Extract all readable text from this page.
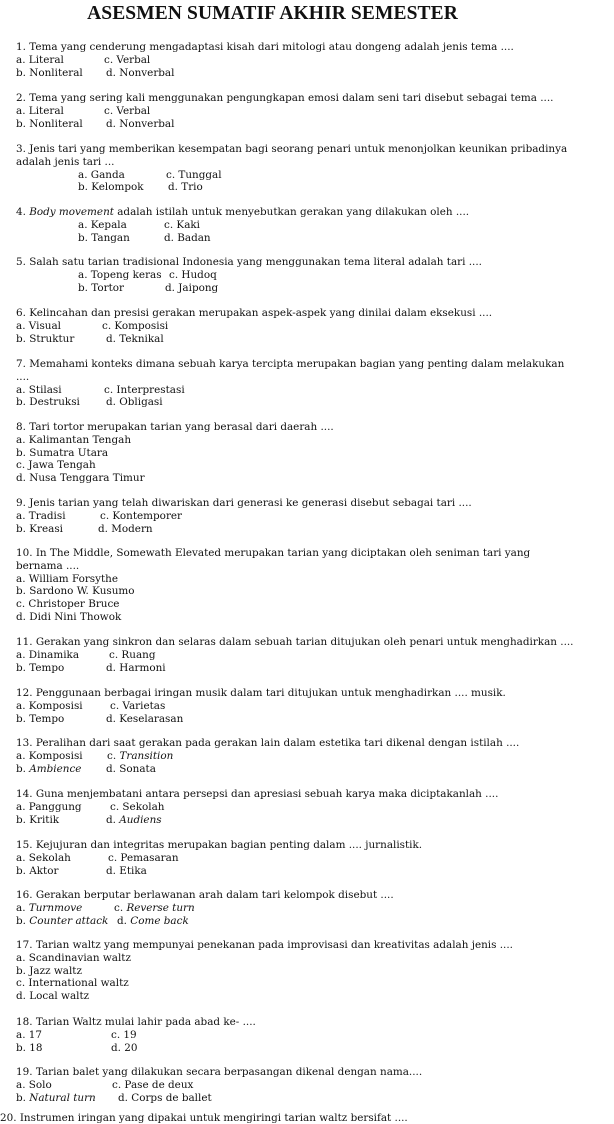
ASESMEN SUMATIF AKHIR SEMESTER
1. Tema yang cenderung mengadaptasi kisah dari mitologi atau dongeng adalah jenis tema ....
a. Literal	c. Verbal
b. Nonliteral d. Nonverbal
2. Tema yang sering kali menggunakan pengungkapan emosi dalam seni tari disebut sebagai tema ....
a. Literal	c. Verbal
b. Nonliteral d. Nonverbal
3. Jenis tari yang memberikan kesempatan bagi seorang penari untuk menonjolkan keunikan pribadinya adalah jenis tari ...
a. Ganda	c. Tunggal
b. Kelompok d. Trio
4. Body movement adalah istilah untuk menyebutkan gerakan yang dilakukan oleh ....
a. Kepala	c. Kaki
b. Tangan	d. Badan
5. Salah satu tarian tradisional Indonesia yang menggunakan tema literal adalah tari ....
a. Topeng keras c. Hudoq
b. Tortor	d. Jaipong
6. Kelincahan dan presisi gerakan merupakan aspek-aspek yang dinilai dalam eksekusi ....
a. Visual	c. Komposisi
b. Struktur	d. Teknikal
7. Memahami konteks dimana sebuah karya tercipta merupakan bagian yang penting dalam melakukan ....
a. Stilasi	c. Interprestasi
b. Destruksi	d. Obligasi
8. Tari tortor merupakan tarian yang berasal dari daerah ....
a. Kalimantan Tengah
b. Sumatra Utara
c. Jawa Tengah
d. Nusa Tenggara Timur
9. Jenis tarian yang telah diwariskan dari generasi ke generasi disebut sebagai tari ....
a. Tradisi	c. Kontemporer
b. Kreasi	d. Modern
10. In The Middle, Somewath Elevated merupakan tarian yang diciptakan oleh seniman tari yang bernama ....
a. William Forsythe
b. Sardono W. Kusumo
c. Christoper Bruce
d. Didi Nini Thowok
11. Gerakan yang sinkron dan selaras dalam sebuah tarian ditujukan oleh penari untuk menghadirkan ....
a. Dinamika	c. Ruang
b. Tempo	d. Harmoni
12. Penggunaan berbagai iringan musik dalam tari ditujukan untuk menghadirkan .... musik.
a. Komposisi	c. Varietas
b. Tempo	d. Keselarasan
13. Peralihan dari saat gerakan pada gerakan lain dalam estetika tari dikenal dengan istilah ....
a. Komposisi c. Transition
b. Ambience d. Sonata
14. Guna menjembatani antara persepsi dan apresiasi sebuah karya maka diciptakanlah ....
a. Panggung	c. Sekolah
b. Kritik	d. Audiens
15. Kejujuran dan integritas merupakan bagian penting dalam .... jurnalistik.
a. Sekolah	c. Pemasaran
b. Aktor	d. Etika
16. Gerakan berputar berlawanan arah dalam tari kelompok disebut ....
a. Turnmove	c. Reverse turn
b. Counter attack d. Come back
17. Tarian waltz yang mempunyai penekanan pada improvisasi dan kreativitas adalah jenis ....
a. Scandinavian waltz
b. Jazz waltz
c. International waltz
d. Local waltz
18. Tarian Waltz mulai lahir pada abad ke- ....
a. 17	c. 19
b. 18	d. 20
19. Tarian balet yang dilakukan secara berpasangan dikenal dengan nama....
a. Solo	c. Pase de deux
b. Natural turn d. Corps de ballet
20. Instrumen iringan yang dipakai untuk mengiringi tarian waltz bersifat ....
